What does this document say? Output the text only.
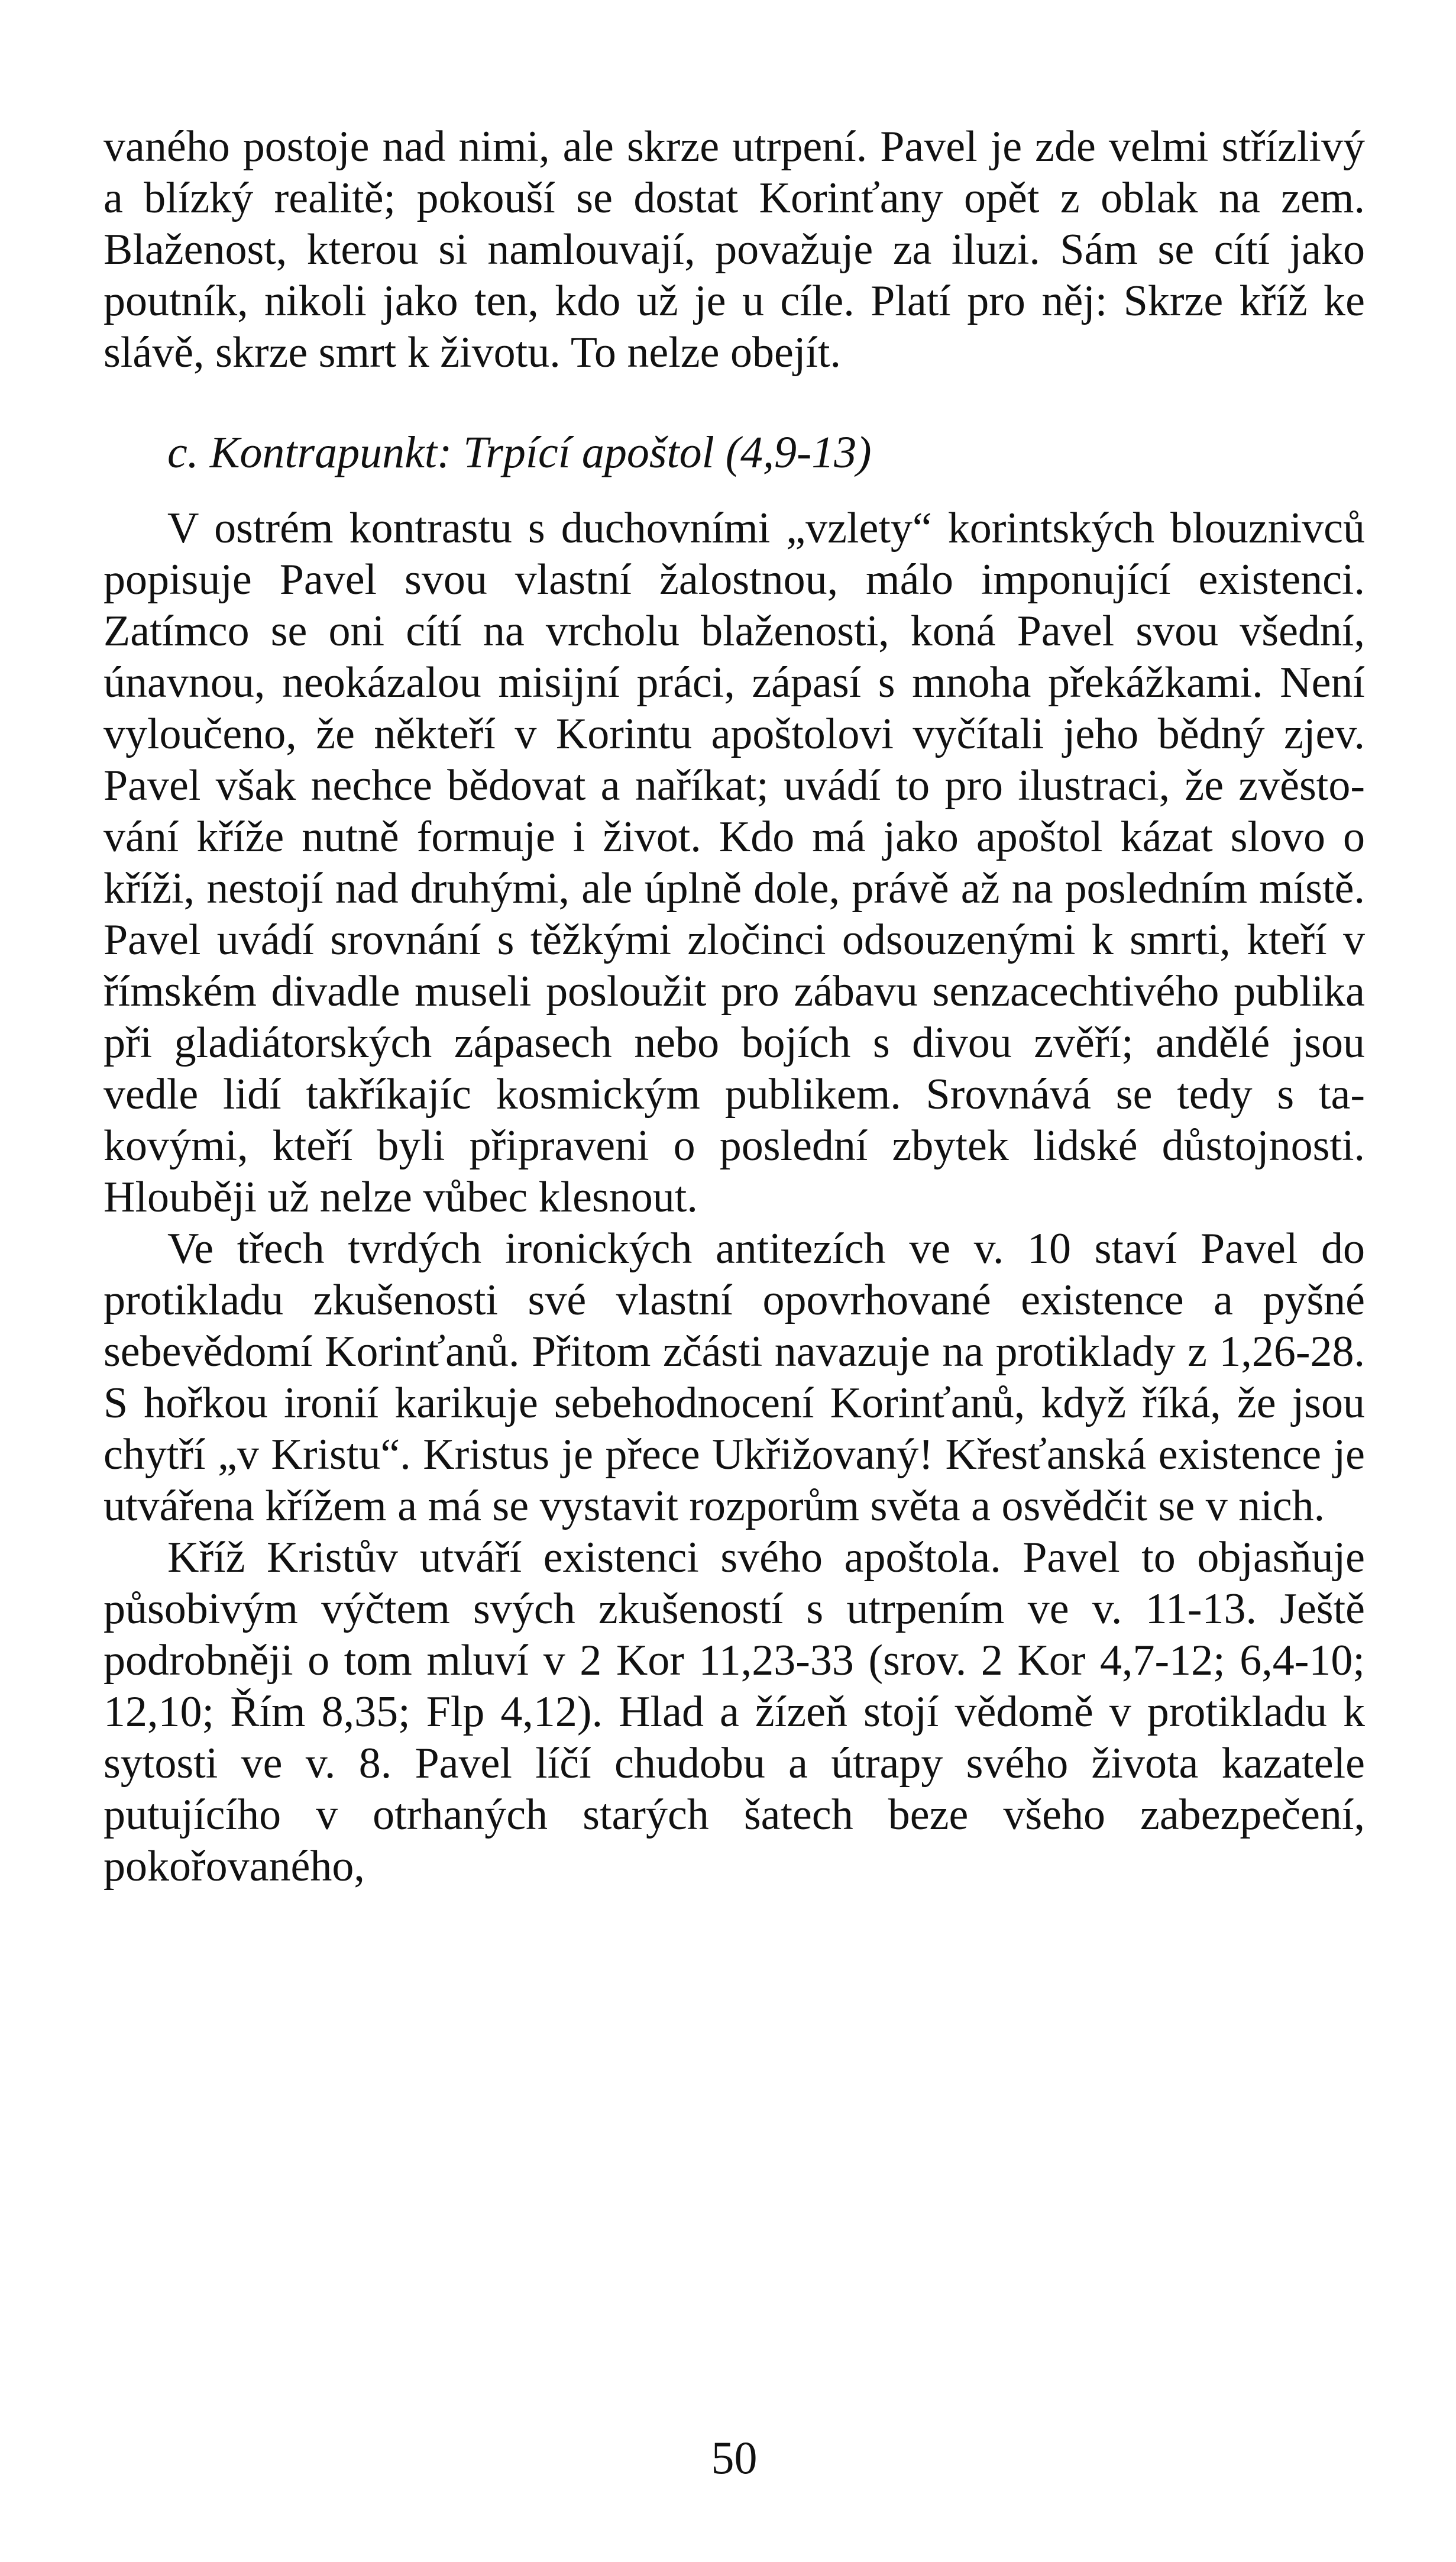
vaného postoje nad nimi, ale skrze utrpení. Pavel je zde velmi střízlivý a blízký realitě; pokouší se dostat Korinťany opět z oblak na zem. Blaženost, kterou si namlouvají, považuje za iluzi. Sám se cítí jako poutník, nikoli jako ten, kdo už je u cíle. Platí pro něj: Skrze kříž ke slávě, skrze smrt k životu. To nelze obejít.

c. Kontrapunkt: Trpící apoštol (4,9-13)

V ostrém kontrastu s duchovními „vzlety“ korintských blouznivců popisuje Pavel svou vlastní žalostnou, málo imponující existenci. Zatímco se oni cítí na vrcholu blaženosti, koná Pavel svou všední, únavnou, neokázalou misijní práci, zápasí s mnoha překážkami. Není vyloučeno, že někteří v Korintu apoštolovi vyčítali jeho bědný zjev. Pavel však nechce bědovat a naříkat; uvádí to pro ilustraci, že zvěstování kříže nutně formuje i život. Kdo má jako apoštol kázat slovo o kříži, nestojí nad druhými, ale úplně dole, právě až na posledním místě. Pavel uvádí srovnání s těžkými zločinci odsouzenými k smrti, kteří v římském divadle museli posloužit pro zábavu senzacechtivého publika při gladiátorských zápasech nebo bojích s divou zvěří; andělé jsou vedle lidí takříkajíc kosmickým publikem. Srovnává se tedy s takovými, kteří byli připraveni o poslední zbytek lidské důstojnosti. Hlouběji už nelze vůbec klesnout.

Ve třech tvrdých ironických antitezích ve v. 10 staví Pavel do protikladu zkušenosti své vlastní opovrhované existence a pyšné sebevědomí Korinťanů. Přitom zčásti navazuje na protiklady z 1,26-28. S hořkou ironií karikuje sebehodnocení Korinťanů, když říká, že jsou chytří „v Kristu“. Kristus je přece Ukřižovaný! Křesťanská existence je utvářena křížem a má se vystavit rozporům světa a osvědčit se v nich.

Kříž Kristův utváří existenci svého apoštola. Pavel to objasňuje působivým výčtem svých zkušeností s utrpením ve v. 11-13. Ještě podrobněji o tom mluví v 2 Kor 11,23-33 (srov. 2 Kor 4,7-12; 6,4-10; 12,10; Řím 8,35; Flp 4,12). Hlad a žízeň stojí vědomě v protikladu k sytosti ve v. 8. Pavel líčí chudobu a útrapy svého života kazatele putujícího v otrhaných starých šatech beze všeho zabezpečení, pokořovaného,

50
